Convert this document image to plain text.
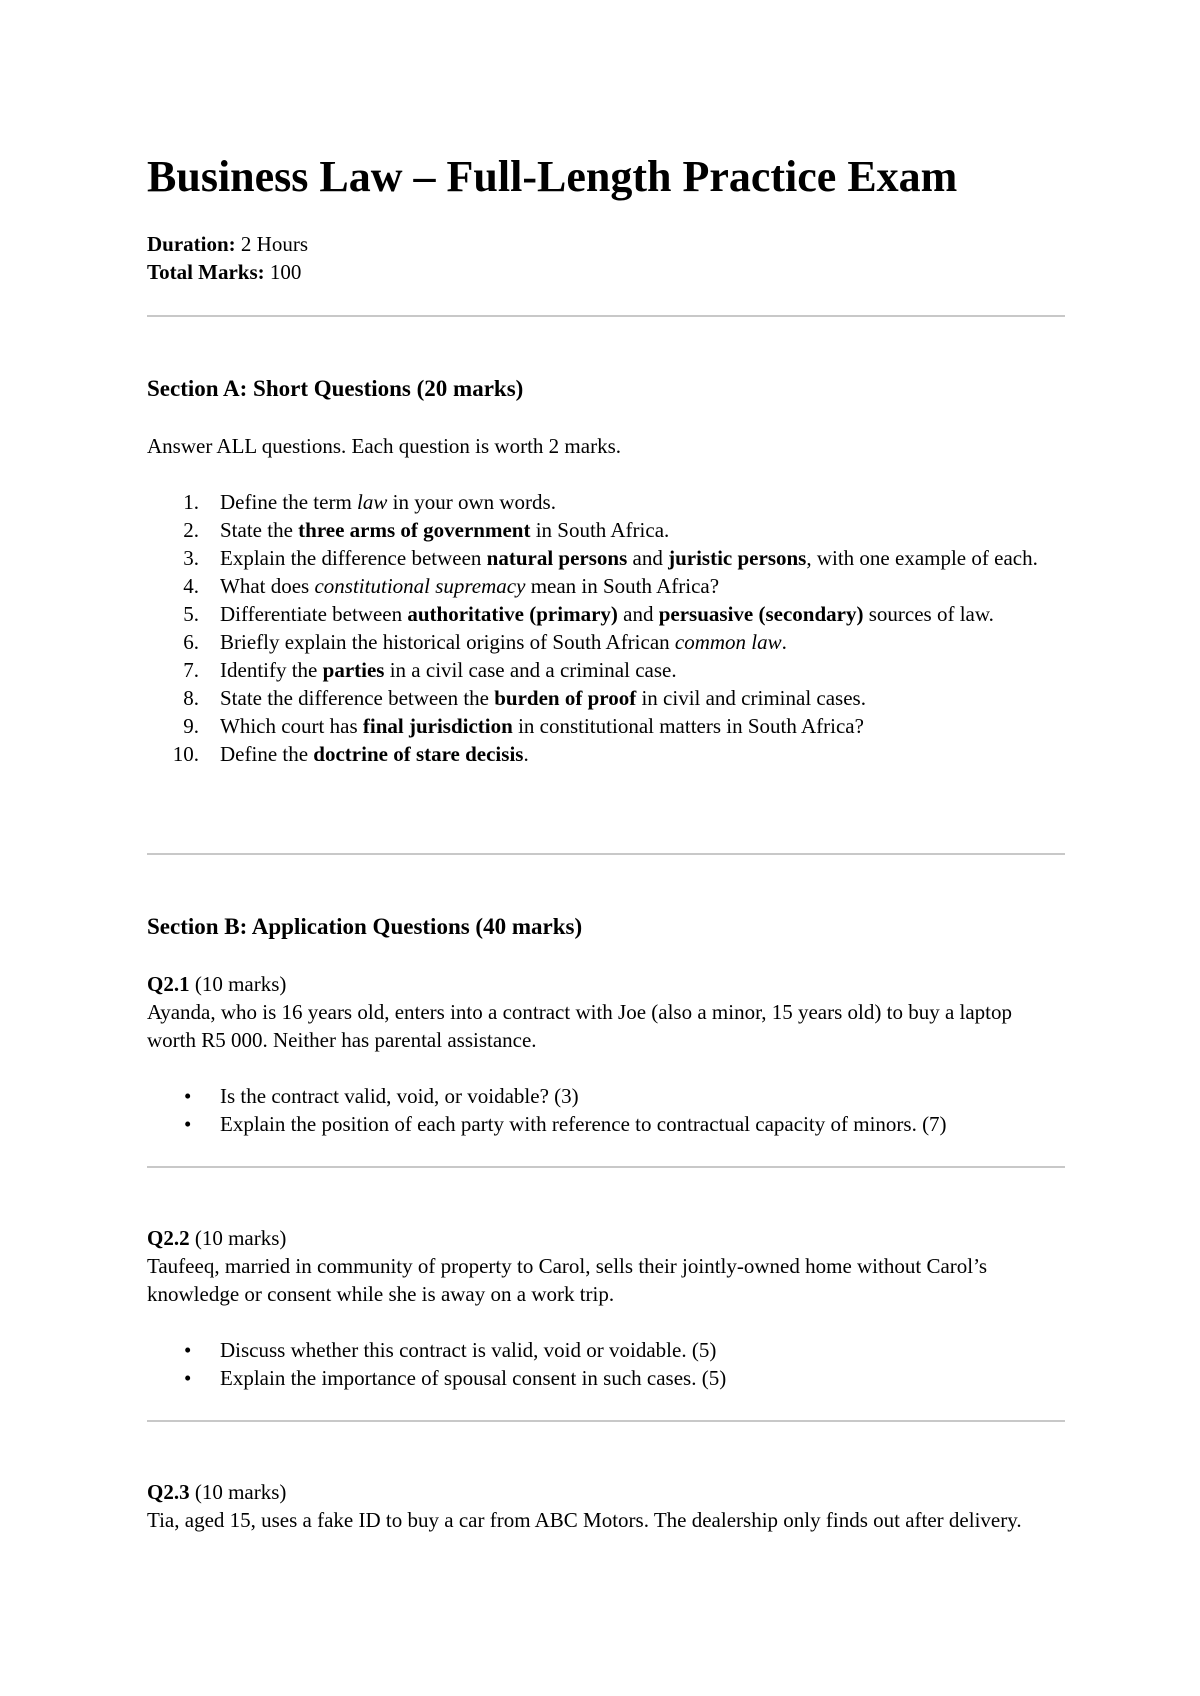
Business Law – Full-Length Practice Exam
Duration: 2 Hours
Total Marks: 100
Section A: Short Questions (20 marks)
Answer ALL questions. Each question is worth 2 marks.
1. Define the term law in your own words.
2. State the three arms of government in South Africa.
3. Explain the difference between natural persons and juristic persons, with one example of each.
4. What does constitutional supremacy mean in South Africa?
5. Differentiate between authoritative (primary) and persuasive (secondary) sources of law.
6. Briefly explain the historical origins of South African common law.
7. Identify the parties in a civil case and a criminal case.
8. State the difference between the burden of proof in civil and criminal cases.
9. Which court has final jurisdiction in constitutional matters in South Africa?
10. Define the doctrine of stare decisis.
Section B: Application Questions (40 marks)
Q2.1 (10 marks)
Ayanda, who is 16 years old, enters into a contract with Joe (also a minor, 15 years old) to buy a laptop worth R5 000. Neither has parental assistance.
• Is the contract valid, void, or voidable? (3)
• Explain the position of each party with reference to contractual capacity of minors. (7)
Q2.2 (10 marks)
Taufeeq, married in community of property to Carol, sells their jointly-owned home without Carol’s knowledge or consent while she is away on a work trip.
• Discuss whether this contract is valid, void or voidable. (5)
• Explain the importance of spousal consent in such cases. (5)
Q2.3 (10 marks)
Tia, aged 15, uses a fake ID to buy a car from ABC Motors. The dealership only finds out after delivery.
